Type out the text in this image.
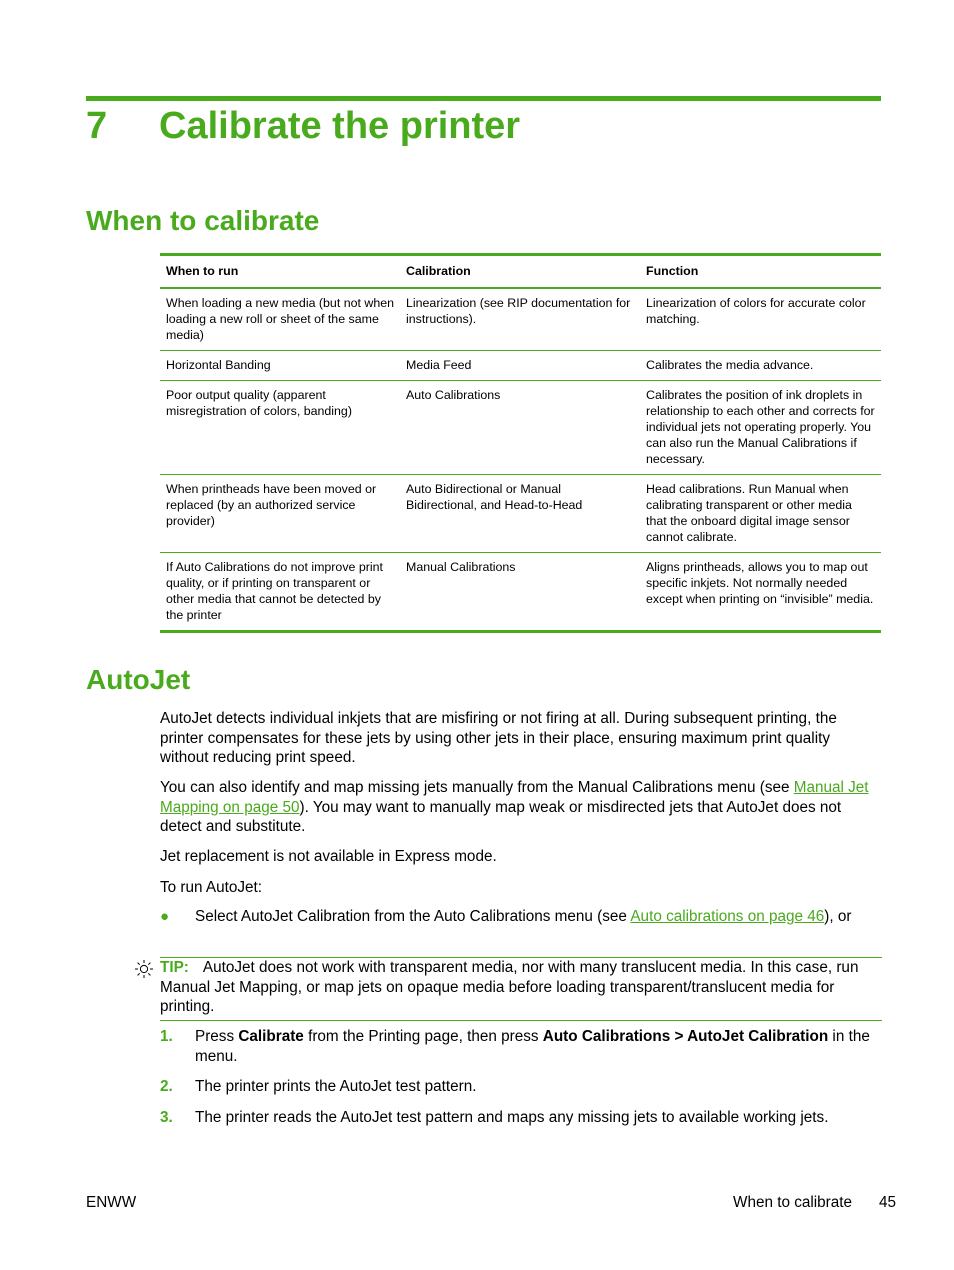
7 Calibrate the printer
When to calibrate
When to run	Calibration	Function
When loading a new media (but not when loading a new roll or sheet of the same media)	Linearization (see RIP documentation for instructions).	Linearization of colors for accurate color matching.
Horizontal Banding	Media Feed	Calibrates the media advance.
Poor output quality (apparent misregistration of colors, banding)	Auto Calibrations	Calibrates the position of ink droplets in relationship to each other and corrects for individual jets not operating properly. You can also run the Manual Calibrations if necessary.
When printheads have been moved or replaced (by an authorized service provider)	Auto Bidirectional or Manual Bidirectional, and Head-to-Head	Head calibrations. Run Manual when calibrating transparent or other media that the onboard digital image sensor cannot calibrate.
If Auto Calibrations do not improve print quality, or if printing on transparent or other media that cannot be detected by the printer	Manual Calibrations	Aligns printheads, allows you to map out specific inkjets. Not normally needed except when printing on “invisible” media.
AutoJet

AutoJet detects individual inkjets that are misfiring or not firing at all. During subsequent printing, the printer compensates for these jets by using other jets in their place, ensuring maximum print quality without reducing print speed.

You can also identify and map missing jets manually from the Manual Calibrations menu (see Manual Jet Mapping on page 50). You may want to manually map weak or misdirected jets that AutoJet does not detect and substitute.

Jet replacement is not available in Express mode.

To run AutoJet:

● Select AutoJet Calibration from the Auto Calibrations menu (see Auto calibrations on page 46), or
TIP: AutoJet does not work with transparent media, nor with many translucent media. In this case, run Manual Jet Mapping, or map jets on opaque media before loading transparent/translucent media for printing.
1. Press Calibrate from the Printing page, then press Auto Calibrations > AutoJet Calibration in the menu.
2. The printer prints the AutoJet test pattern.
3. The printer reads the AutoJet test pattern and maps any missing jets to available working jets.
ENWW	When to calibrate 45
